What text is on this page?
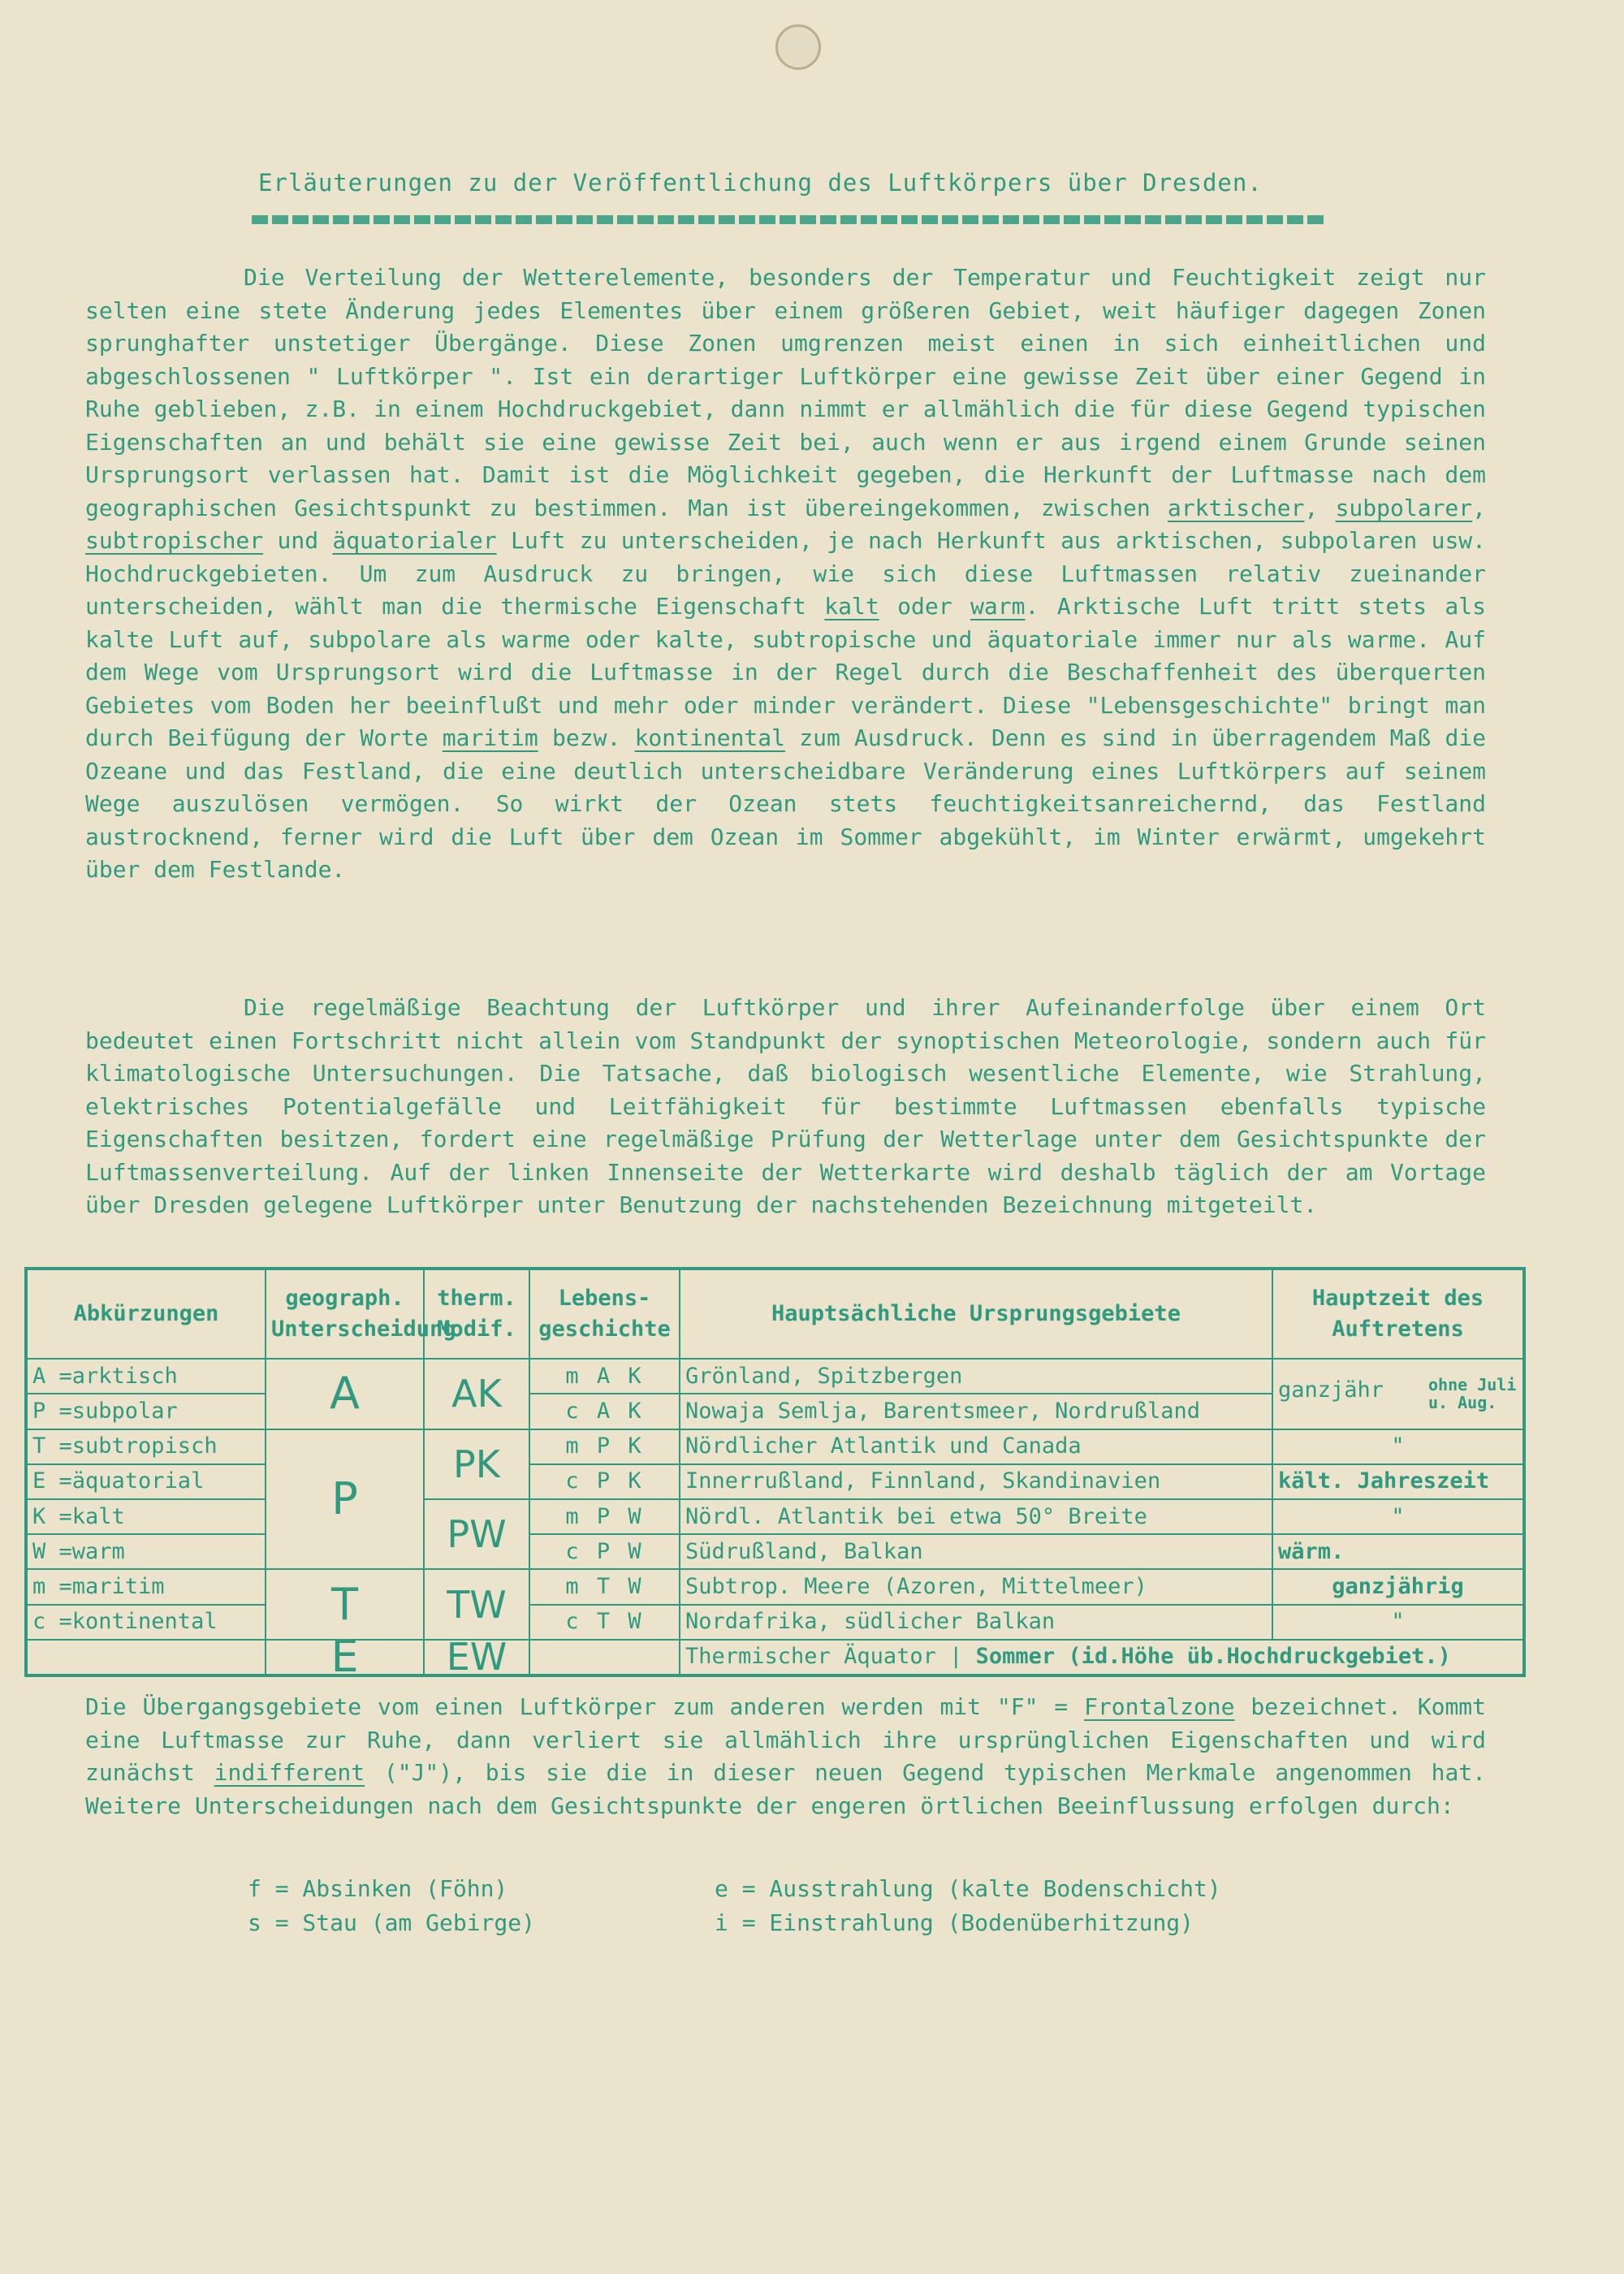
Erläuterungen zu der Veröffentlichung des Luftkörpers über Dresden.
Die Verteilung der Wetterelemente, besonders der Temperatur und Feuchtigkeit zeigt nur selten eine stete Änderung jedes Elementes über einem größeren Gebiet, weit häufiger dagegen Zonen sprunghafter unstetiger Übergänge. Diese Zonen umgrenzen meist einen in sich einheitlichen und abgeschlossenen " Luftkörper ". Ist ein derartiger Luftkörper eine gewisse Zeit über einer Gegend in Ruhe geblieben, z.B. in einem Hochdruckgebiet, dann nimmt er allmählich die für diese Gegend typischen Eigenschaften an und behält sie eine gewisse Zeit bei, auch wenn er aus irgend einem Grunde seinen Ursprungsort verlassen hat. Damit ist die Möglichkeit gegeben, die Herkunft der Luftmasse nach dem geographischen Gesichtspunkt zu bestimmen. Man ist übereingekommen, zwischen arktischer, subpolarer, subtropischer und äquatorialer Luft zu unterscheiden, je nach Herkunft aus arktischen, subpolaren usw. Hochdruckgebieten. Um zum Ausdruck zu bringen, wie sich diese Luftmassen relativ zueinander unterscheiden, wählt man die thermische Eigenschaft kalt oder warm. Arktische Luft tritt stets als kalte Luft auf, subpolare als warme oder kalte, subtropische und äquatoriale immer nur als warme. Auf dem Wege vom Ursprungsort wird die Luftmasse in der Regel durch die Beschaffenheit des überquerten Gebietes vom Boden her beeinflußt und mehr oder minder verändert. Diese "Lebensgeschichte" bringt man durch Beifügung der Worte maritim bezw. kontinental zum Ausdruck. Denn es sind in überragendem Maß die Ozeane und das Festland, die eine deutlich unterscheidbare Veränderung eines Luftkörpers auf seinem Wege auszulösen vermögen. So wirkt der Ozean stets feuchtigkeitsanreichernd, das Festland austrocknend, ferner wird die Luft über dem Ozean im Sommer abgekühlt, im Winter erwärmt, umgekehrt über dem Festlande.
Die regelmäßige Beachtung der Luftkörper und ihrer Aufeinanderfolge über einem Ort bedeutet einen Fortschritt nicht allein vom Standpunkt der synoptischen Meteorologie, sondern auch für klimatologische Untersuchungen. Die Tatsache, daß biologisch wesentliche Elemente, wie Strahlung, elektrisches Potentialgefälle und Leitfähigkeit für bestimmte Luftmassen ebenfalls typische Eigenschaften besitzen, fordert eine regelmäßige Prüfung der Wetterlage unter dem Gesichtspunkte der Luftmassenverteilung. Auf der linken Innenseite der Wetterkarte wird deshalb täglich der am Vortage über Dresden gelegene Luftkörper unter Benutzung der nachstehenden Bezeichnung mitgeteilt.
Abkürzungen	geograph. Unterscheidung	therm. Modif.	Lebens- geschichte	Hauptsächliche Ursprungsgebiete	Hauptzeit des Auftretens
A =arktisch	A	AK	m A K	Grönland, Spitzbergen	ganzjähr ohne Juli u. Aug.

P =subpolar			c A K	Nowaja Semlja, Barentsmeer, Nordrußland	
T =subtropisch	P	PK	m P K	Nördlicher Atlantik und Canada	"
E =äquatorial			c P K	Innerrußland, Finnland, Skandinavien	kält. Jahreszeit
K =kalt		PW	m P W	Nördl. Atlantik bei etwa 50° Breite	"
W =warm			c P W	Südrußland, Balkan	wärm.
m =maritim	T	TW	m T W	Subtrop. Meere (Azoren, Mittelmeer)	ganzjährig
c =kontinental			c T W	Nordafrika, südlicher Balkan	"
	E	EW		Thermischer Äquator | Sommer (id.Höhe üb.Hochdruckgebiet.)	
Die Übergangsgebiete vom einen Luftkörper zum anderen werden mit "F" = Frontalzone bezeichnet. Kommt eine Luftmasse zur Ruhe, dann verliert sie allmählich ihre ursprünglichen Eigenschaften und wird zunächst indifferent ("J"), bis sie die in dieser neuen Gegend typischen Merkmale angenommen hat. Weitere Unterscheidungen nach dem Gesichtspunkte der engeren örtlichen Beeinflussung erfolgen durch:
f = Absinken (Föhn)
s = Stau (am Gebirge)
e = Ausstrahlung (kalte Bodenschicht)
i = Einstrahlung (Bodenüberhitzung)
